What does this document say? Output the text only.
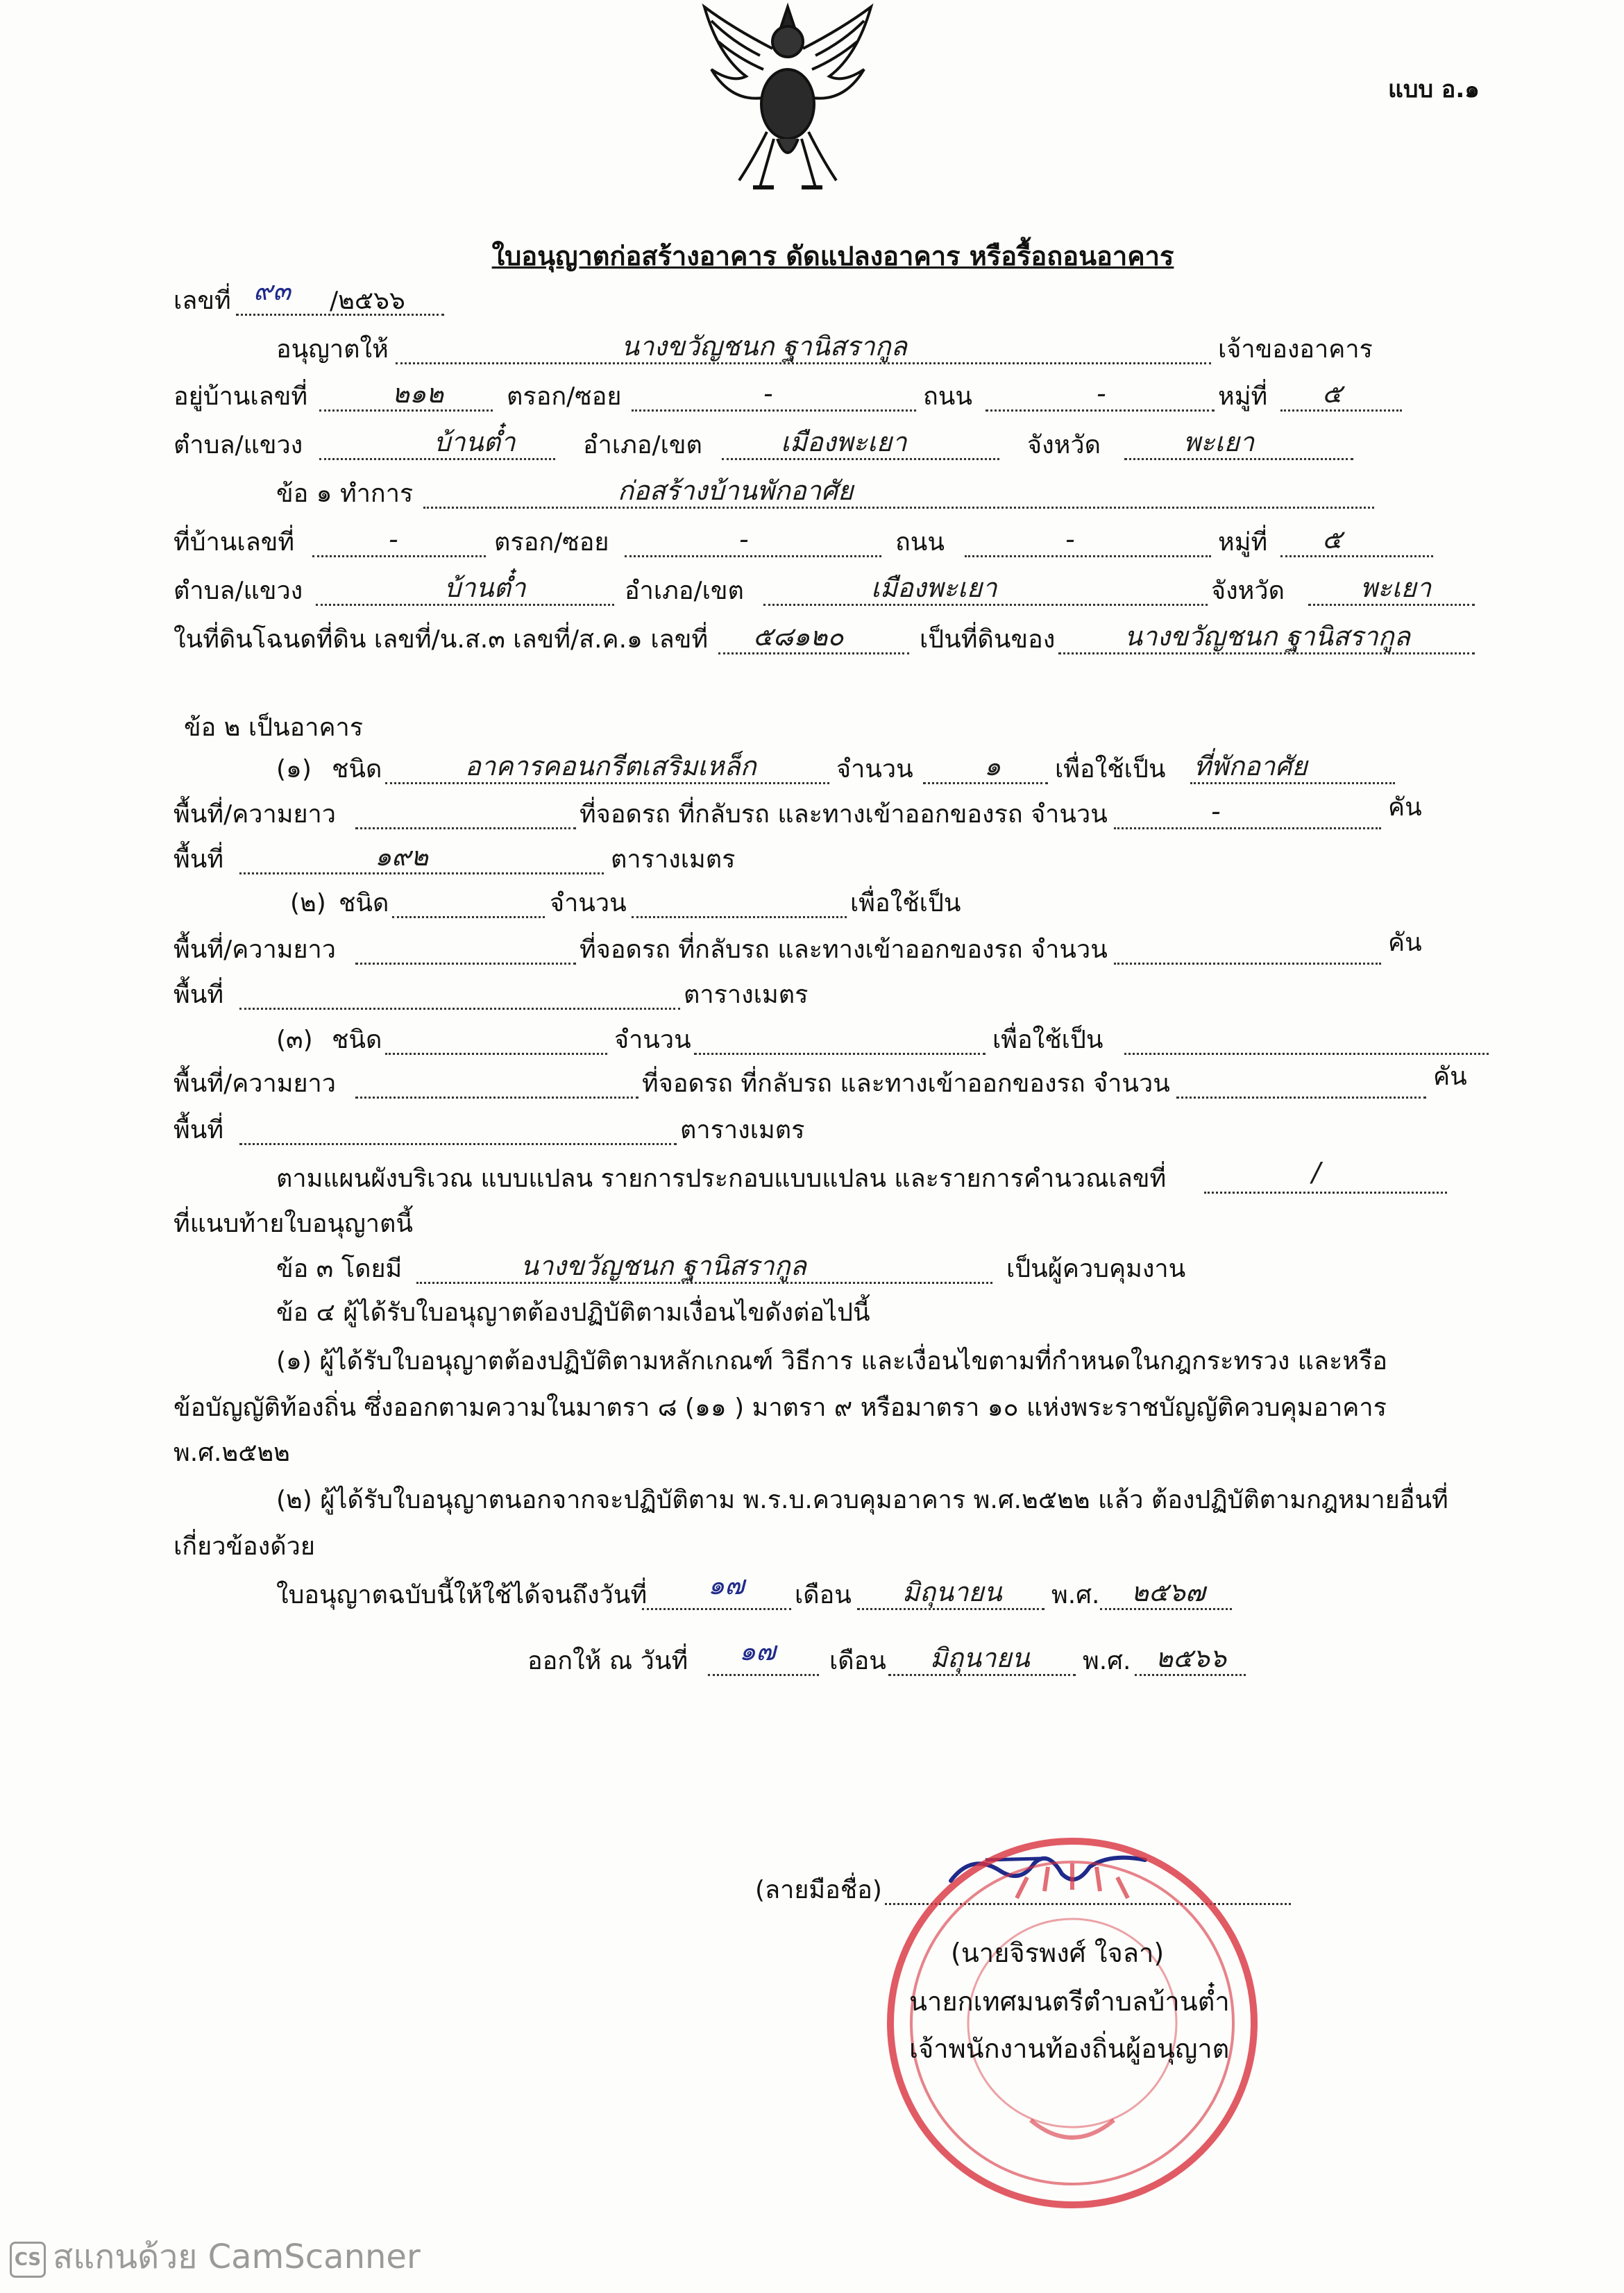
แบบ อ.๑
ใบอนุญาตก่อสร้างอาคาร ดัดแปลงอาคาร หรือรื้อถอนอาคาร
เลขที่ ๙๓ /๒๕๖๖
อนุญาตให้	นางขวัญชนก ฐานิสรากูล	เจ้าของอาคาร
อยู่บ้านเลขที่	๒๑๒	ตรอก/ซอย	-	ถนน	-	หมู่ที่ ๕
ตำบล/แขวง	บ้านต๋ำ	อำเภอ/เขต	เมืองพะเยา	จังหวัด	พะเยา
ข้อ ๑ ทำการ	ก่อสร้างบ้านพักอาศัย
ที่บ้านเลขที่	-	ตรอก/ซอย	-	ถนน	-	หมู่ที่ ๕
ตำบล/แขวง	บ้านต๋ำ	อำเภอ/เขต	เมืองพะเยา	จังหวัด	พะเยา
ในที่ดินโฉนดที่ดิน เลขที่/น.ส.๓ เลขที่/ส.ค.๑ เลขที่ ๕๘๑๒๐	เป็นที่ดินของ	นางขวัญชนก ฐานิสรากูล
ข้อ ๒ เป็นอาคาร
(๑) ชนิด	อาคารคอนกรีตเสริมเหล็ก	จำนวน	๑ เพื่อใช้เป็น ที่พักอาศัย
พื้นที่/ความยาว	ที่จอดรถ ที่กลับรถ และทางเข้าออกของรถ จำนวน	-	คัน
พื้นที่	๑๙๒	ตารางเมตร
(๒) ชนิด	จำนวน	เพื่อใช้เป็น
พื้นที่/ความยาว	ที่จอดรถ ที่กลับรถ และทางเข้าออกของรถ จำนวน	คัน
พื้นที่	ตารางเมตร
(๓) ชนิด	จำนวน	เพื่อใช้เป็น
พื้นที่/ความยาว	ที่จอดรถ ที่กลับรถ และทางเข้าออกของรถ จำนวน	คัน
พื้นที่	ตารางเมตร
ตามแผนผังบริเวณ แบบแปลน รายการประกอบแบบแปลน และรายการคำนวณเลขที่	/
ที่แนบท้ายใบอนุญาตนี้
ข้อ ๓ โดยมี	นางขวัญชนก ฐานิสรากูล	เป็นผู้ควบคุมงาน
ข้อ ๔ ผู้ได้รับใบอนุญาตต้องปฏิบัติตามเงื่อนไขดังต่อไปนี้
(๑) ผู้ได้รับใบอนุญาตต้องปฏิบัติตามหลักเกณฑ์ วิธีการ และเงื่อนไขตามที่กำหนดในกฎกระทรวง และหรือ
ข้อบัญญัติท้องถิ่น ซึ่งออกตามความในมาตรา ๘ (๑๑ ) มาตรา ๙ หรือมาตรา ๑๐ แห่งพระราชบัญญัติควบคุมอาคาร
พ.ศ.๒๕๒๒
(๒) ผู้ได้รับใบอนุญาตนอกจากจะปฏิบัติตาม พ.ร.บ.ควบคุมอาคาร พ.ศ.๒๕๒๒ แล้ว ต้องปฏิบัติตามกฎหมายอื่นที่
เกี่ยวข้องด้วย
ใบอนุญาตฉบับนี้ให้ใช้ได้จนถึงวันที่ ๑๗ เดือน มิถุนายน พ.ศ. ๒๕๖๗
ออกให้ ณ วันที่ ๑๗ เดือน มิถุนายน พ.ศ. ๒๕๖๖
(ลายมือชื่อ)
(นายจิรพงศ์ ใจลา)
นายกเทศมนตรีตำบลบ้านต๋ำ
เจ้าพนักงานท้องถิ่นผู้อนุญาต
CS สแกนด้วย CamScanner
